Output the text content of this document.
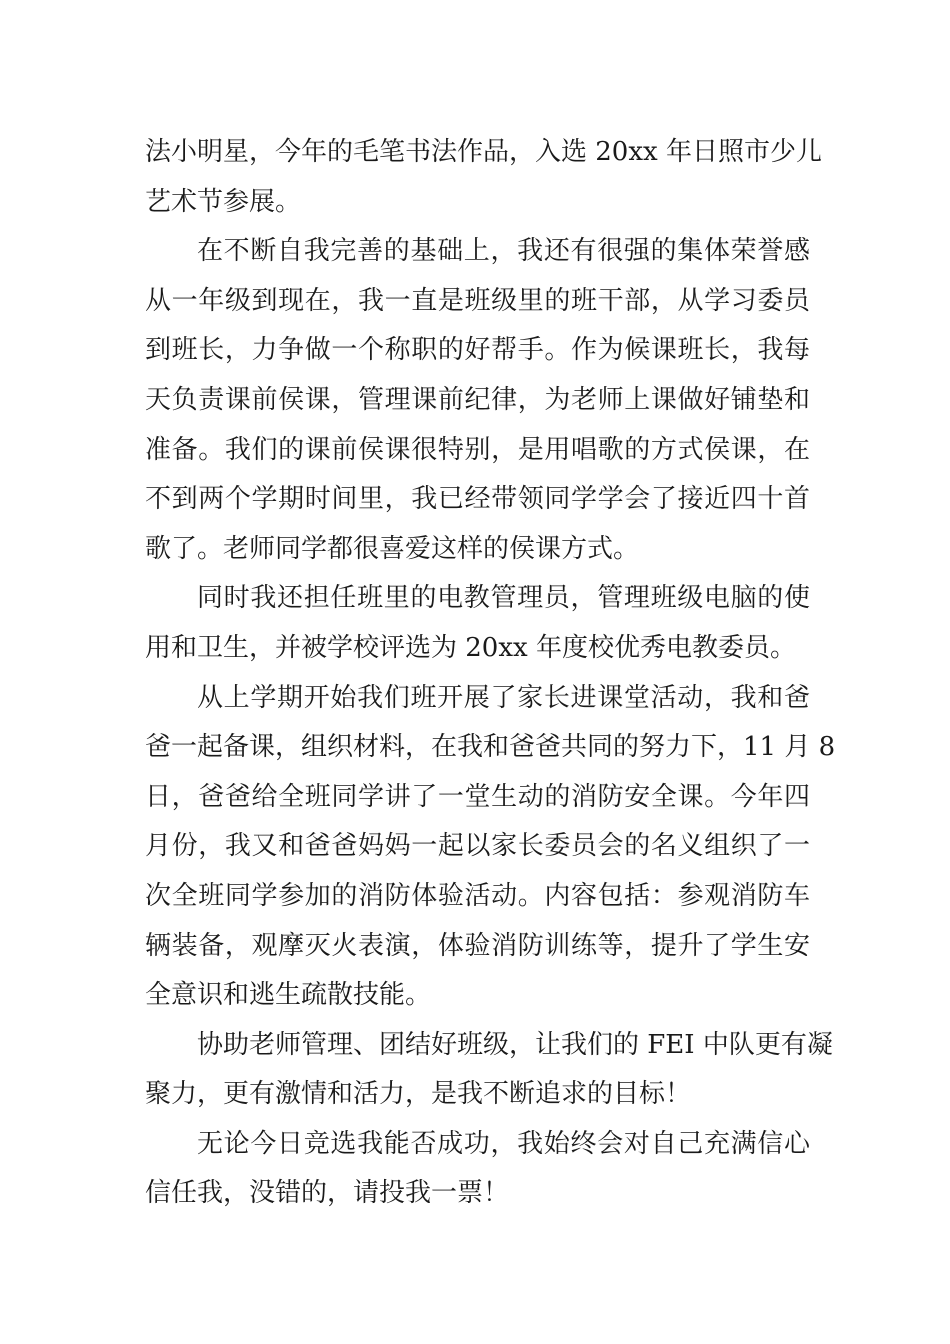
法小明星，今年的毛笔书法作品，入选 20xx 年日照市少儿
艺术节参展。
在不断自我完善的基础上，我还有很强的集体荣誉感
从一年级到现在，我一直是班级里的班干部，从学习委员
到班长，力争做一个称职的好帮手。作为候课班长，我每
天负责课前侯课，管理课前纪律，为老师上课做好铺垫和
准备。我们的课前侯课很特别，是用唱歌的方式侯课，在
不到两个学期时间里，我已经带领同学学会了接近四十首
歌了。老师同学都很喜爱这样的侯课方式。
同时我还担任班里的电教管理员，管理班级电脑的使
用和卫生，并被学校评选为 20xx 年度校优秀电教委员。
从上学期开始我们班开展了家长进课堂活动，我和爸
爸一起备课，组织材料，在我和爸爸共同的努力下，11 月 8
日，爸爸给全班同学讲了一堂生动的消防安全课。今年四
月份，我又和爸爸妈妈一起以家长委员会的名义组织了一
次全班同学参加的消防体验活动。内容包括：参观消防车
辆装备，观摩灭火表演，体验消防训练等，提升了学生安
全意识和逃生疏散技能。
协助老师管理、团结好班级，让我们的 FEI 中队更有凝
聚力，更有激情和活力，是我不断追求的目标！
无论今日竞选我能否成功，我始终会对自己充满信心
信任我，没错的，请投我一票！
